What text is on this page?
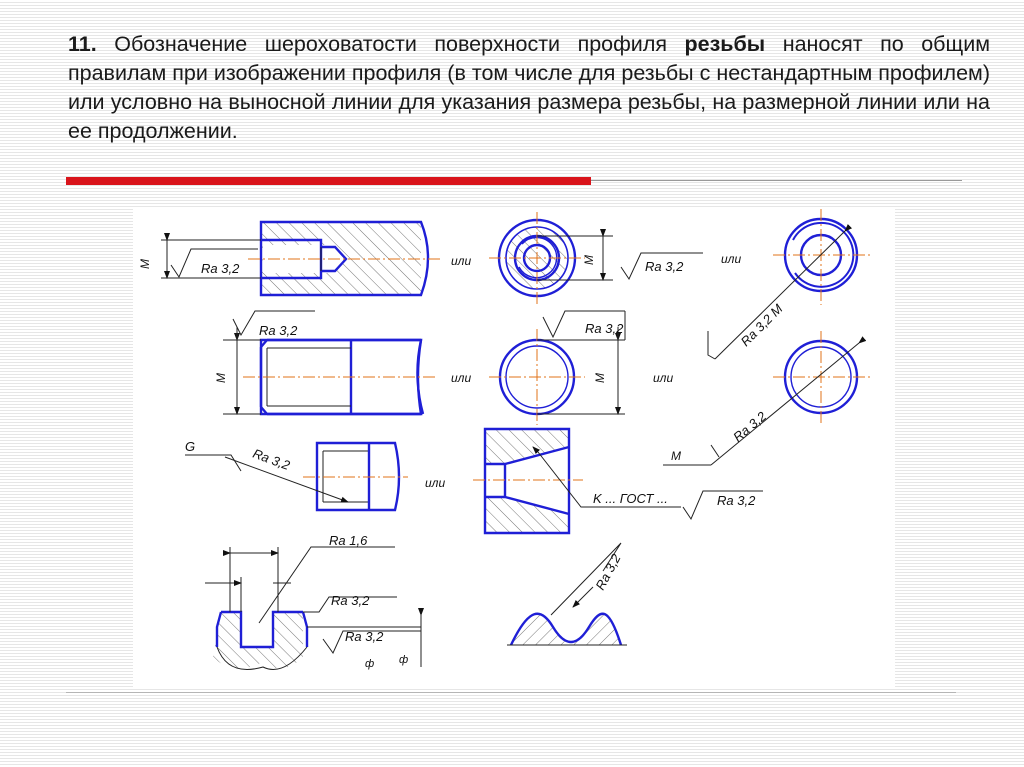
11. Обозначение шероховатости поверхности профиля резьбы наносят по общим правилам при изображении профиля (в том числе для резьбы с нестандартным профилем) или условно на выносной линии для указания размера резьбы, на размерной линии или на ее продолжении.

M	Ra 3,2	или	M	Ra 3,2	или
Ra 3,2 M
M
Ra 3,2
или	M
Ra 3,2
или
Ra 3,2
M
G	Ra 3,2
или
K ... ГОСТ ...	Ra 3,2
Ra 1,6
Ra 3,2
Ra 3,2
ф ф
Ra 3,2
